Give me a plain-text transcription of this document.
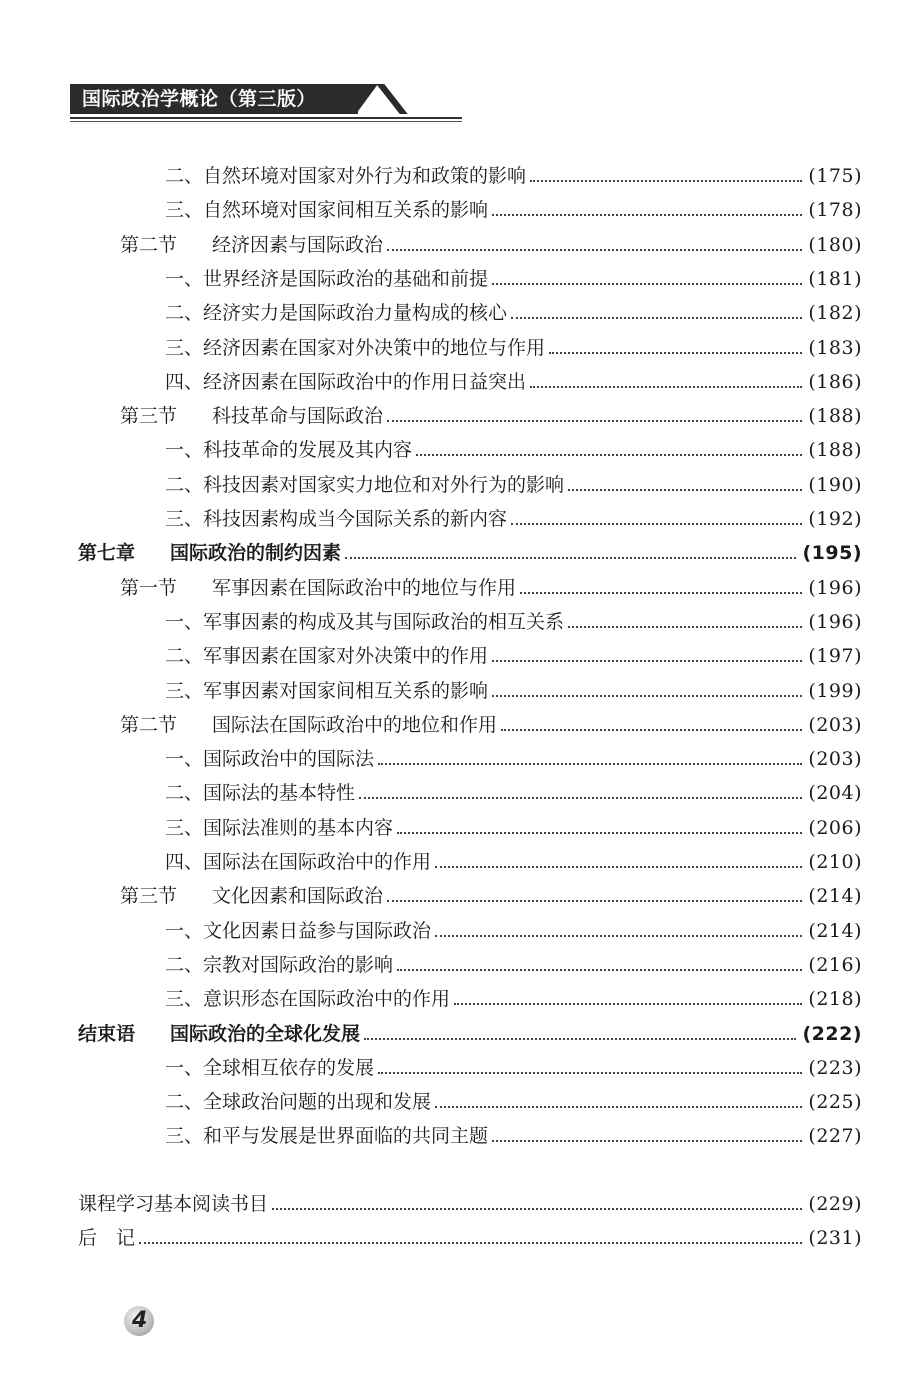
国际政治学概论（第三版）
二、自然环境对国家对外行为和政策的影响	(175)
三、自然环境对国家间相互关系的影响	(178)
第二节 经济因素与国际政治	(180)
一、世界经济是国际政治的基础和前提	(181)
二、经济实力是国际政治力量构成的核心	(182)
三、经济因素在国家对外决策中的地位与作用	(183)
四、经济因素在国际政治中的作用日益突出	(186)
第三节 科技革命与国际政治	(188)
一、科技革命的发展及其内容	(188)
二、科技因素对国家实力地位和对外行为的影响	(190)
三、科技因素构成当今国际关系的新内容	(192)
第七章 国际政治的制约因素	(195)
第一节 军事因素在国际政治中的地位与作用	(196)
一、军事因素的构成及其与国际政治的相互关系	(196)
二、军事因素在国家对外决策中的作用	(197)
三、军事因素对国家间相互关系的影响	(199)
第二节 国际法在国际政治中的地位和作用	(203)
一、国际政治中的国际法	(203)
二、国际法的基本特性	(204)
三、国际法准则的基本内容	(206)
四、国际法在国际政治中的作用	(210)
第三节 文化因素和国际政治	(214)
一、文化因素日益参与国际政治	(214)
二、宗教对国际政治的影响	(216)
三、意识形态在国际政治中的作用	(218)
结束语 国际政治的全球化发展	(222)
一、全球相互依存的发展	(223)
二、全球政治问题的出现和发展	(225)
三、和平与发展是世界面临的共同主题	(227)
课程学习基本阅读书目	(229)
后　记	(231)
4
